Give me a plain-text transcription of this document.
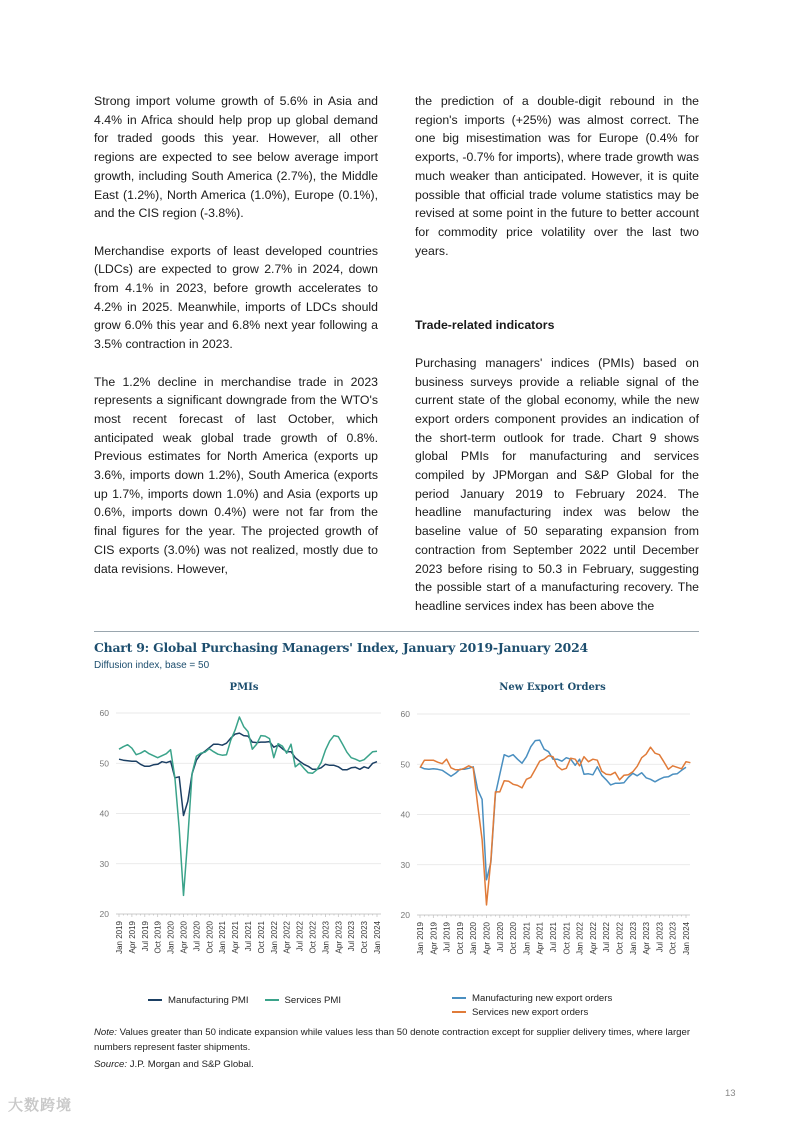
Strong import volume growth of 5.6% in Asia and 4.4% in Africa should help prop up global demand for traded goods this year. However, all other regions are expected to see below average import growth, including South America (2.7%), the Middle East (1.2%), North America (1.0%), Europe (0.1%), and the CIS region (-3.8%).

Merchandise exports of least developed countries (LDCs) are expected to grow 2.7% in 2024, down from 4.1% in 2023, before growth accelerates to 4.2% in 2025. Meanwhile, imports of LDCs should grow 6.0% this year and 6.8% next year following a 3.5% contraction in 2023.

The 1.2% decline in merchandise trade in 2023 represents a significant downgrade from the WTO's most recent forecast of last October, which anticipated weak global trade growth of 0.8%. Previous estimates for North America (exports up 3.6%, imports down 1.2%), South America (exports up 1.7%, imports down 1.0%) and Asia (exports up 0.6%, imports down 0.4%) were not far from the final figures for the year. The projected growth of CIS exports (3.0%) was not realized, mostly due to data revisions. However,

the prediction of a double-digit rebound in the region's imports (+25%) was almost correct. The one big misestimation was for Europe (0.4% for exports, -0.7% for imports), where trade growth was much weaker than anticipated. However, it is quite possible that official trade volume statistics may be revised at some point in the future to better account for commodity price volatility over the last two years.

Trade-related indicators

Purchasing managers' indices (PMIs) based on business surveys provide a reliable signal of the current state of the global economy, while the new export orders component provides an indication of the short-term outlook for trade. Chart 9 shows global PMIs for manufacturing and services compiled by JPMorgan and S&P Global for the period January 2019 to February 2024. The headline manufacturing index was below the baseline value of 50 separating expansion from contraction from September 2022 until December 2023 before rising to 50.3 in February, suggesting the possible start of a manufacturing recovery. The headline services index has been above the

Chart 9: Global Purchasing Managers' Index, January 2019-January 2024
Diffusion index, base = 50
PMIs	New Export Orders
20
30
40
50
60
Jan 2019 Apr 2019 Jul 2019 Oct 2019 Jan 2020 Apr 2020 Jul 2020 Oct 2020 Jan 2021 Apr 2021 Jul 2021 Oct 2021 Jan 2022 Apr 2022 Jul 2022 Oct 2022 Jan 2023 Apr 2023 Jul 2023 Oct 2023 Jan 2024
20
30
40
50
60
Jan 2019 Apr 2019 Jul 2019 Oct 2019 Jan 2020 Apr 2020 Jul 2020 Oct 2020 Jan 2021 Apr 2021 Jul 2021 Oct 2021 Jan 2022 Apr 2022 Jul 2022 Oct 2022 Jan 2023 Apr 2023 Jul 2023 Oct 2023 Jan 2024
Manufacturing PMI	Services PMI	Manufacturing new export orders
Services new export orders

Note: Values greater than 50 indicate expansion while values less than 50 denote contraction except for supplier delivery times, where larger numbers represent faster shipments.

Source: J.P. Morgan and S&P Global.

13
大数跨境
